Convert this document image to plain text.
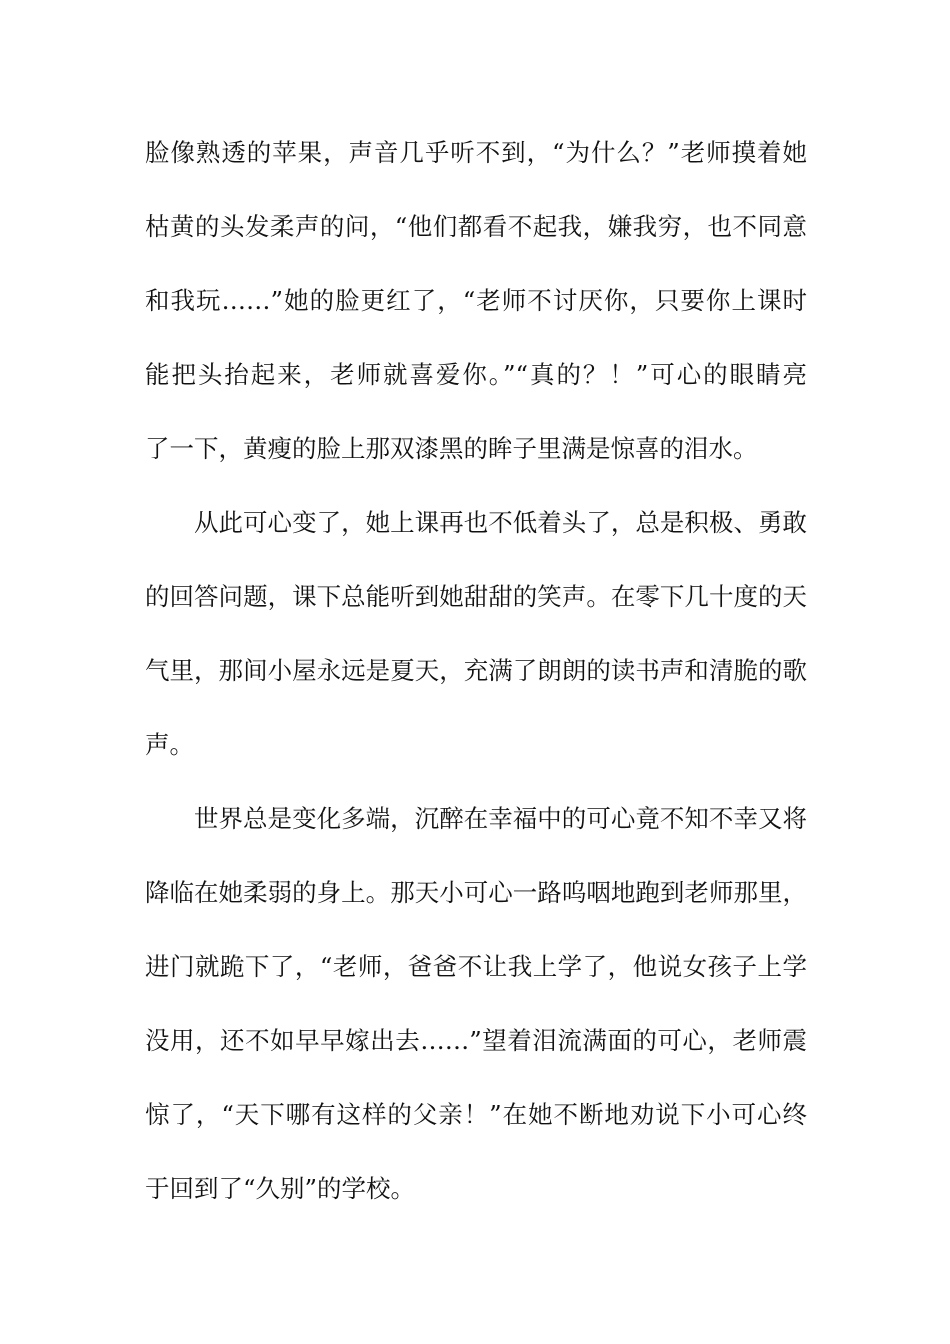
脸像熟透的苹果，声音几乎听不到，“为什么？”老师摸着她
枯黄的头发柔声的问，“他们都看不起我，嫌我穷，也不同意
和我玩……”她的脸更红了，“老师不讨厌你，只要你上课时
能把头抬起来，老师就喜爱你。”“真的？！”可心的眼睛亮
了一下，黄瘦的脸上那双漆黑的眸子里满是惊喜的泪水。
从此可心变了，她上课再也不低着头了，总是积极、勇敢
的回答问题，课下总能听到她甜甜的笑声。在零下几十度的天
气里，那间小屋永远是夏天，充满了朗朗的读书声和清脆的歌
声。
世界总是变化多端，沉醉在幸福中的可心竟不知不幸又将
降临在她柔弱的身上。那天小可心一路呜咽地跑到老师那里，
进门就跪下了，“老师，爸爸不让我上学了，他说女孩子上学
没用，还不如早早嫁出去……”望着泪流满面的可心，老师震
惊了，“天下哪有这样的父亲！”在她不断地劝说下小可心终
于回到了“久别”的学校。
